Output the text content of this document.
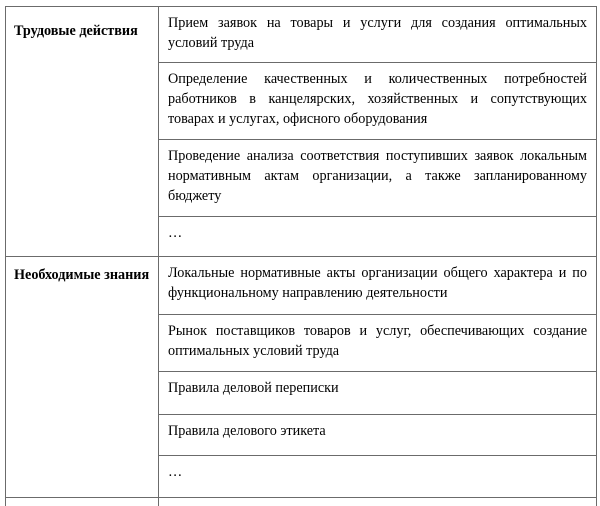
Трудовые действия	Прием заявок на товары и услуги для создания оптимальных условий труда
	Определение качественных и количественных потребностей работников в канцелярских, хозяйственных и сопутствующих товарах и услугах, офисного оборудования
	Проведение анализа соответствия поступивших заявок локальным нормативным актам организации, а также запланированному бюджету
	…
Необходимые знания	Локальные нормативные акты организации общего характера и по функциональному направлению деятельности
	Рынок поставщиков товаров и услуг, обеспечивающих создание оптимальных условий труда
	Правила деловой переписки
	Правила делового этикета
	…
